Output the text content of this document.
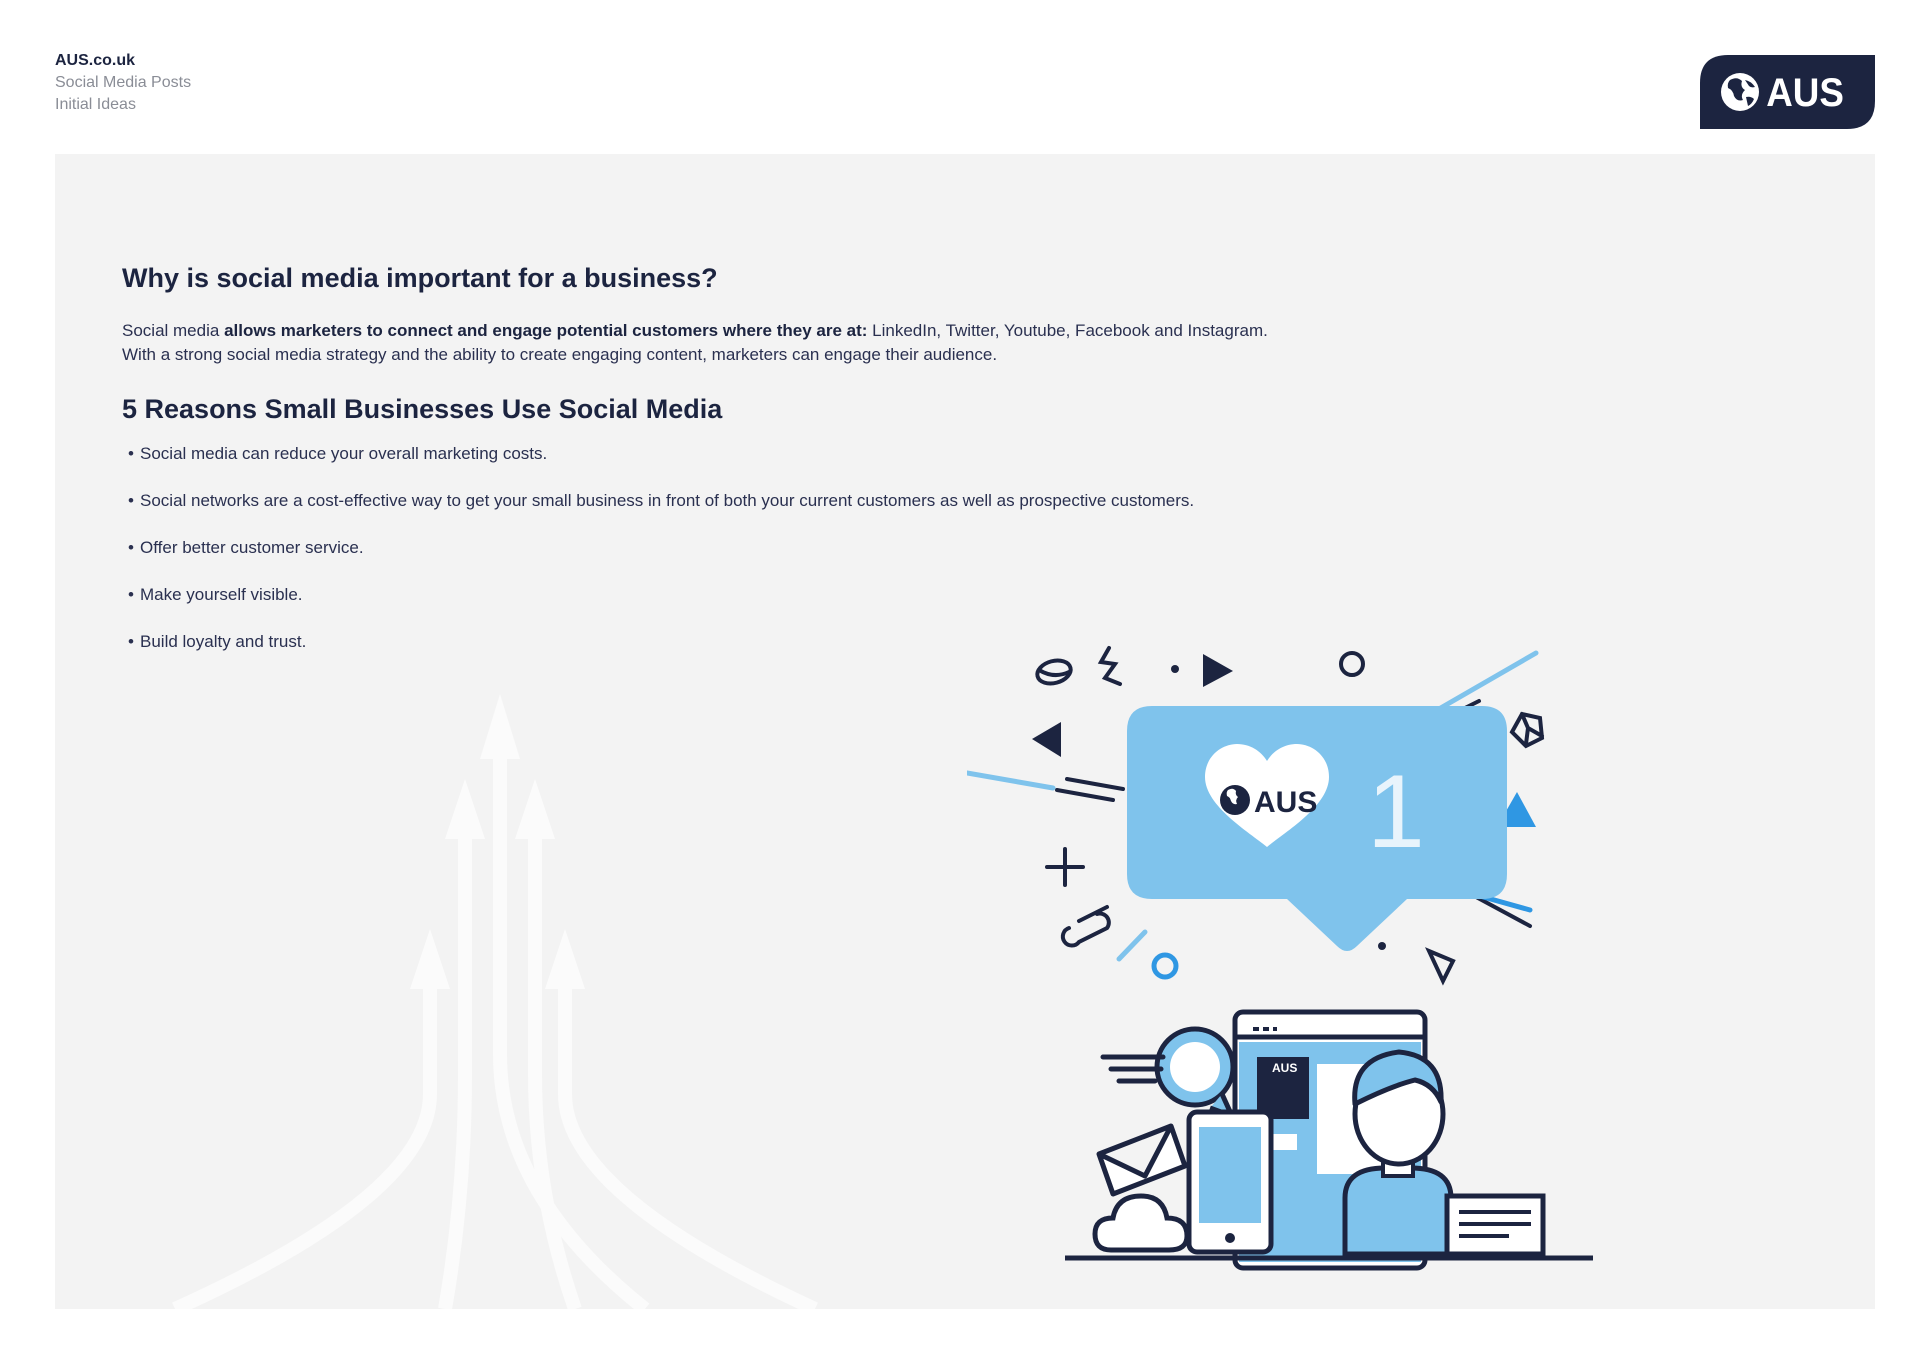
AUS.co.uk
Social Media Posts
Initial Ideas	AUS
Why is social media important for a business?

Social media allows marketers to connect and engage potential customers where they are at: LinkedIn, Twitter, Youtube, Facebook and Instagram. With a strong social media strategy and the ability to create engaging content, marketers can engage their audience.

5 Reasons Small Businesses Use Social Media
• Social media can reduce your overall marketing costs.
• Social networks are a cost-effective way to get your small business in front of both your current customers as well as prospective customers.
• Offer better customer service.
• Make yourself visible.
• Build loyalty and trust.
AUS 1
AUS
